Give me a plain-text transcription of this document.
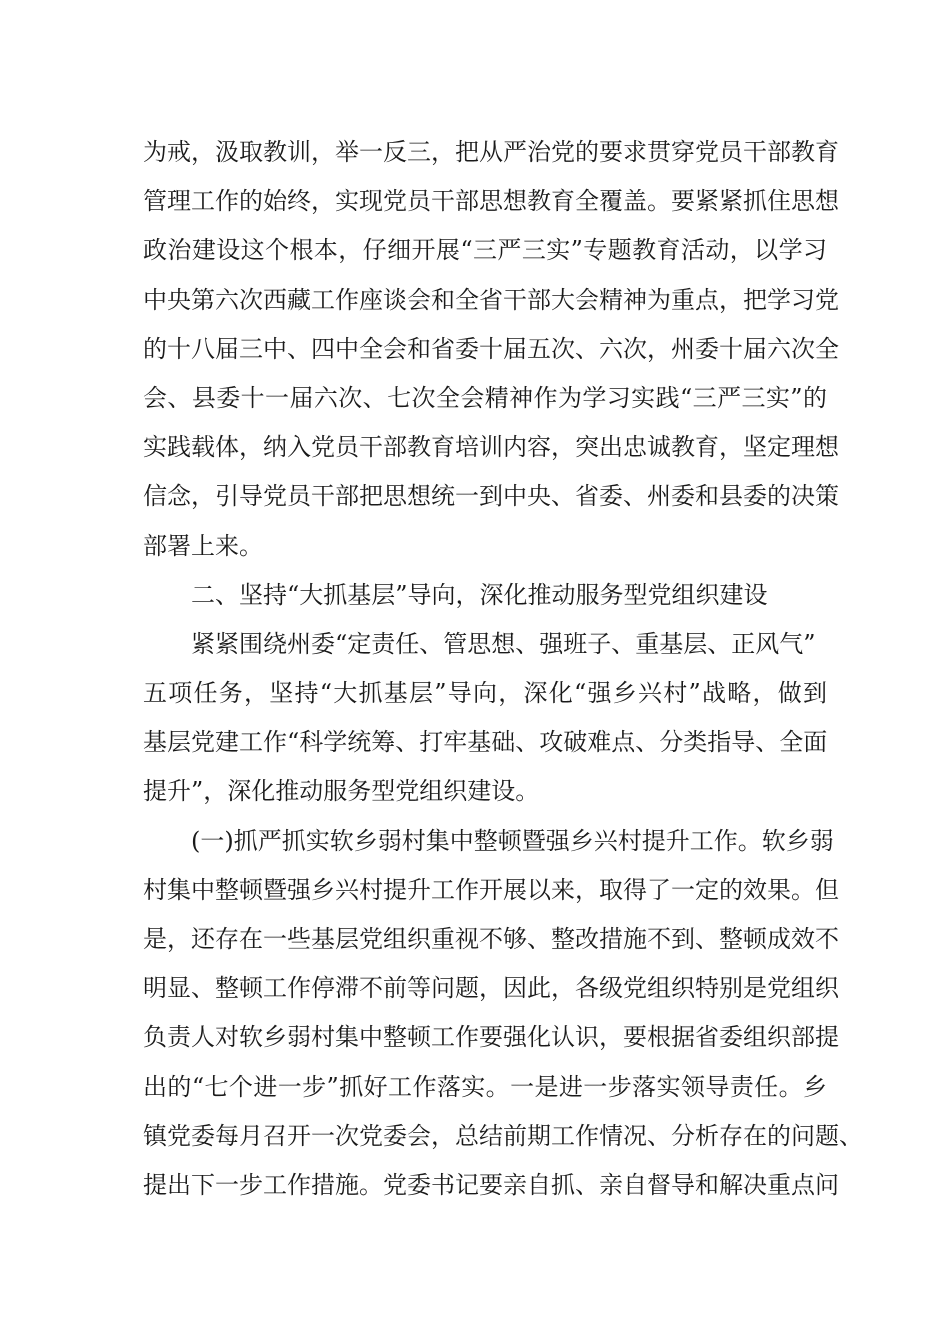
为戒，汲取教训，举一反三，把从严治党的要求贯穿党员干部教育
管理工作的始终，实现党员干部思想教育全覆盖。要紧紧抓住思想
政治建设这个根本，仔细开展“三严三实”专题教育活动，以学习
中央第六次西藏工作座谈会和全省干部大会精神为重点，把学习党
的十八届三中、四中全会和省委十届五次、六次，州委十届六次全
会、县委十一届六次、七次全会精神作为学习实践“三严三实”的
实践载体，纳入党员干部教育培训内容，突出忠诚教育，坚定理想
信念，引导党员干部把思想统一到中央、省委、州委和县委的决策
部署上来。
二、坚持“大抓基层”导向，深化推动服务型党组织建设
紧紧围绕州委“定责任、管思想、强班子、重基层、正风气”
五项任务，坚持“大抓基层”导向，深化“强乡兴村”战略，做到
基层党建工作“科学统筹、打牢基础、攻破难点、分类指导、全面
提升”，深化推动服务型党组织建设。
(一)抓严抓实软乡弱村集中整顿暨强乡兴村提升工作。软乡弱
村集中整顿暨强乡兴村提升工作开展以来，取得了一定的效果。但
是，还存在一些基层党组织重视不够、整改措施不到、整顿成效不
明显、整顿工作停滞不前等问题，因此，各级党组织特别是党组织
负责人对软乡弱村集中整顿工作要强化认识，要根据省委组织部提
出的“七个进一步”抓好工作落实。一是进一步落实领导责任。乡
镇党委每月召开一次党委会，总结前期工作情况、分析存在的问题、
提出下一步工作措施。党委书记要亲自抓、亲自督导和解决重点问
